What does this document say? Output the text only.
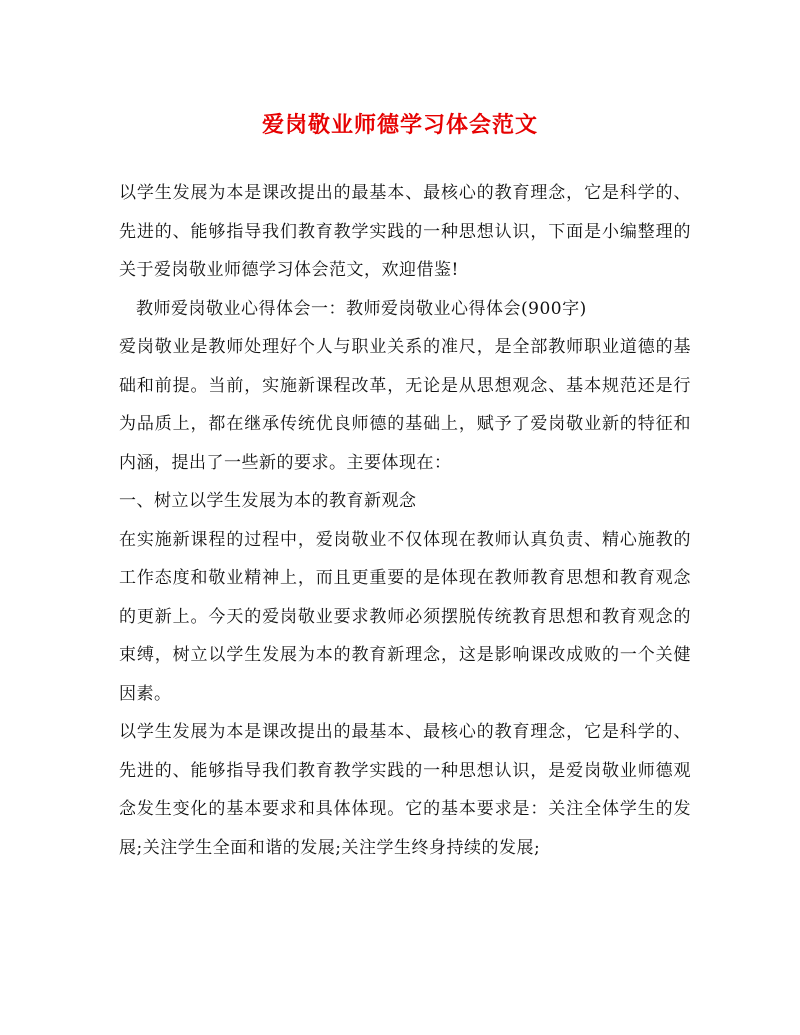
爱岗敬业师德学习体会范文

以学生发展为本是课改提出的最基本、最核心的教育理念，它是科学的、先进的、能够指导我们教育教学实践的一种思想认识，下面是小编整理的关于爱岗敬业师德学习体会范文，欢迎借鉴!

教师爱岗敬业心得体会一：教师爱岗敬业心得体会(900字)

爱岗敬业是教师处理好个人与职业关系的准尺，是全部教师职业道德的基础和前提。当前，实施新课程改革，无论是从思想观念、基本规范还是行为品质上，都在继承传统优良师德的基础上，赋予了爱岗敬业新的特征和内涵，提出了一些新的要求。主要体现在：

一、树立以学生发展为本的教育新观念

在实施新课程的过程中，爱岗敬业不仅体现在教师认真负责、精心施教的工作态度和敬业精神上，而且更重要的是体现在教师教育思想和教育观念的更新上。今天的爱岗敬业要求教师必须摆脱传统教育思想和教育观念的束缚，树立以学生发展为本的教育新理念，这是影响课改成败的一个关健因素。

以学生发展为本是课改提出的最基本、最核心的教育理念，它是科学的、先进的、能够指导我们教育教学实践的一种思想认识，是爱岗敬业师德观念发生变化的基本要求和具体体现。它的基本要求是：关注全体学生的发展;关注学生全面和谐的发展;关注学生终身持续的发展;
